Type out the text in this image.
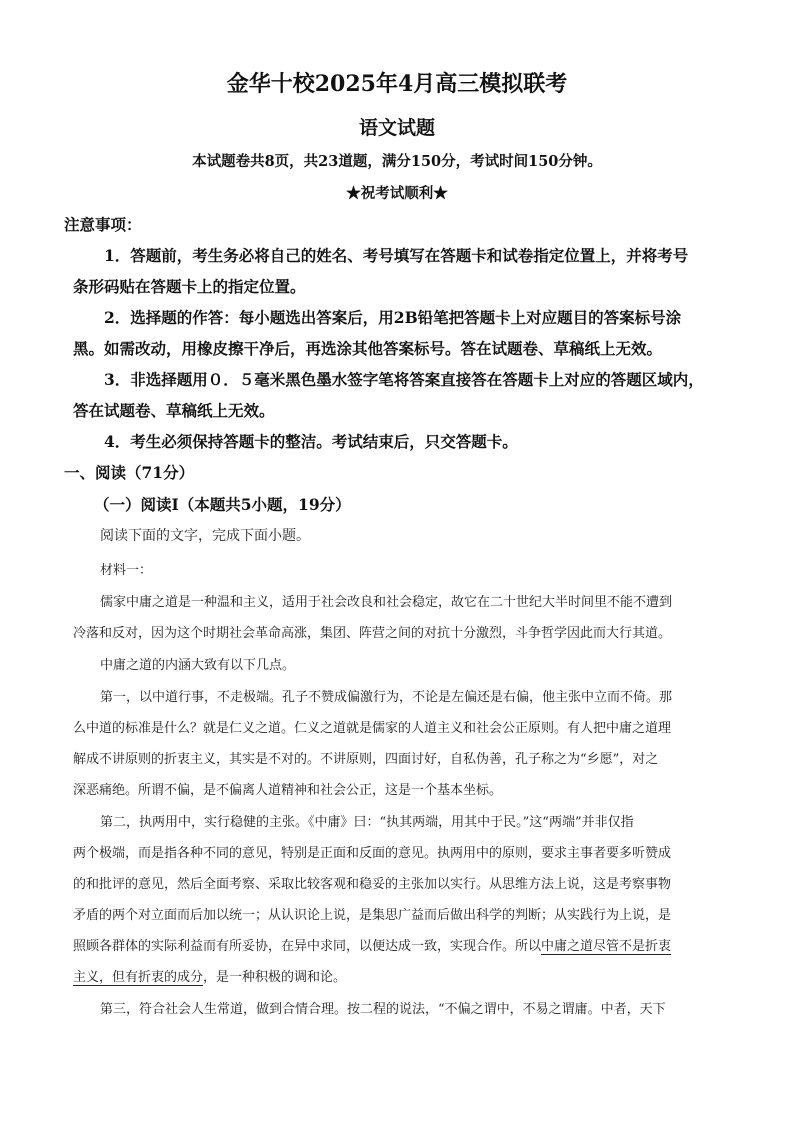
金华十校2025年4月高三模拟联考
语文试题
本试题卷共8页，共23道题，满分150分，考试时间150分钟。
★祝考试顺利★
注意事项：
1．答题前，考生务必将自己的姓名、考号填写在答题卡和试卷指定位置上，并将考号
条形码贴在答题卡上的指定位置。
2．选择题的作答：每小题选出答案后，用2B铅笔把答题卡上对应题目的答案标号涂
黑。如需改动，用橡皮擦干净后，再选涂其他答案标号。答在试题卷、草稿纸上无效。
3．非选择题用０．５毫米黑色墨水签字笔将答案直接答在答题卡上对应的答题区域内，
答在试题卷、草稿纸上无效。
4．考生必须保持答题卡的整洁。考试结束后，只交答题卡。
一、阅读（71分）
（一）阅读Ⅰ（本题共5小题，19分）
阅读下面的文字，完成下面小题。
材料一：
儒家中庸之道是一种温和主义，适用于社会改良和社会稳定，故它在二十世纪大半时间里不能不遭到
冷落和反对，因为这个时期社会革命高涨，集团、阵营之间的对抗十分激烈，斗争哲学因此而大行其道。
中庸之道的内涵大致有以下几点。
第一，以中道行事，不走极端。孔子不赞成偏激行为，不论是左偏还是右偏，他主张中立而不倚。那
么中道的标准是什么？就是仁义之道。仁义之道就是儒家的人道主义和社会公正原则。有人把中庸之道理
解成不讲原则的折衷主义，其实是不对的。不讲原则，四面讨好，自私伪善，孔子称之为“乡愿”，对之
深恶痛绝。所谓不偏，是不偏离人道精神和社会公正，这是一个基本坐标。
第二，执两用中，实行稳健的主张。《中庸》曰：“执其两端，用其中于民。”这“两端”并非仅指
两个极端，而是指各种不同的意见，特别是正面和反面的意见。执两用中的原则，要求主事者要多听赞成
的和批评的意见，然后全面考察、采取比较客观和稳妥的主张加以实行。从思维方法上说，这是考察事物
矛盾的两个对立面而后加以统一；从认识论上说，是集思广益而后做出科学的判断；从实践行为上说，是
照顾各群体的实际利益而有所妥协，在异中求同，以便达成一致，实现合作。所以中庸之道尽管不是折衷
主义，但有折衷的成分，是一种积极的调和论。
第三，符合社会人生常道，做到合情合理。按二程的说法，“不偏之谓中，不易之谓庸。中者，天下
